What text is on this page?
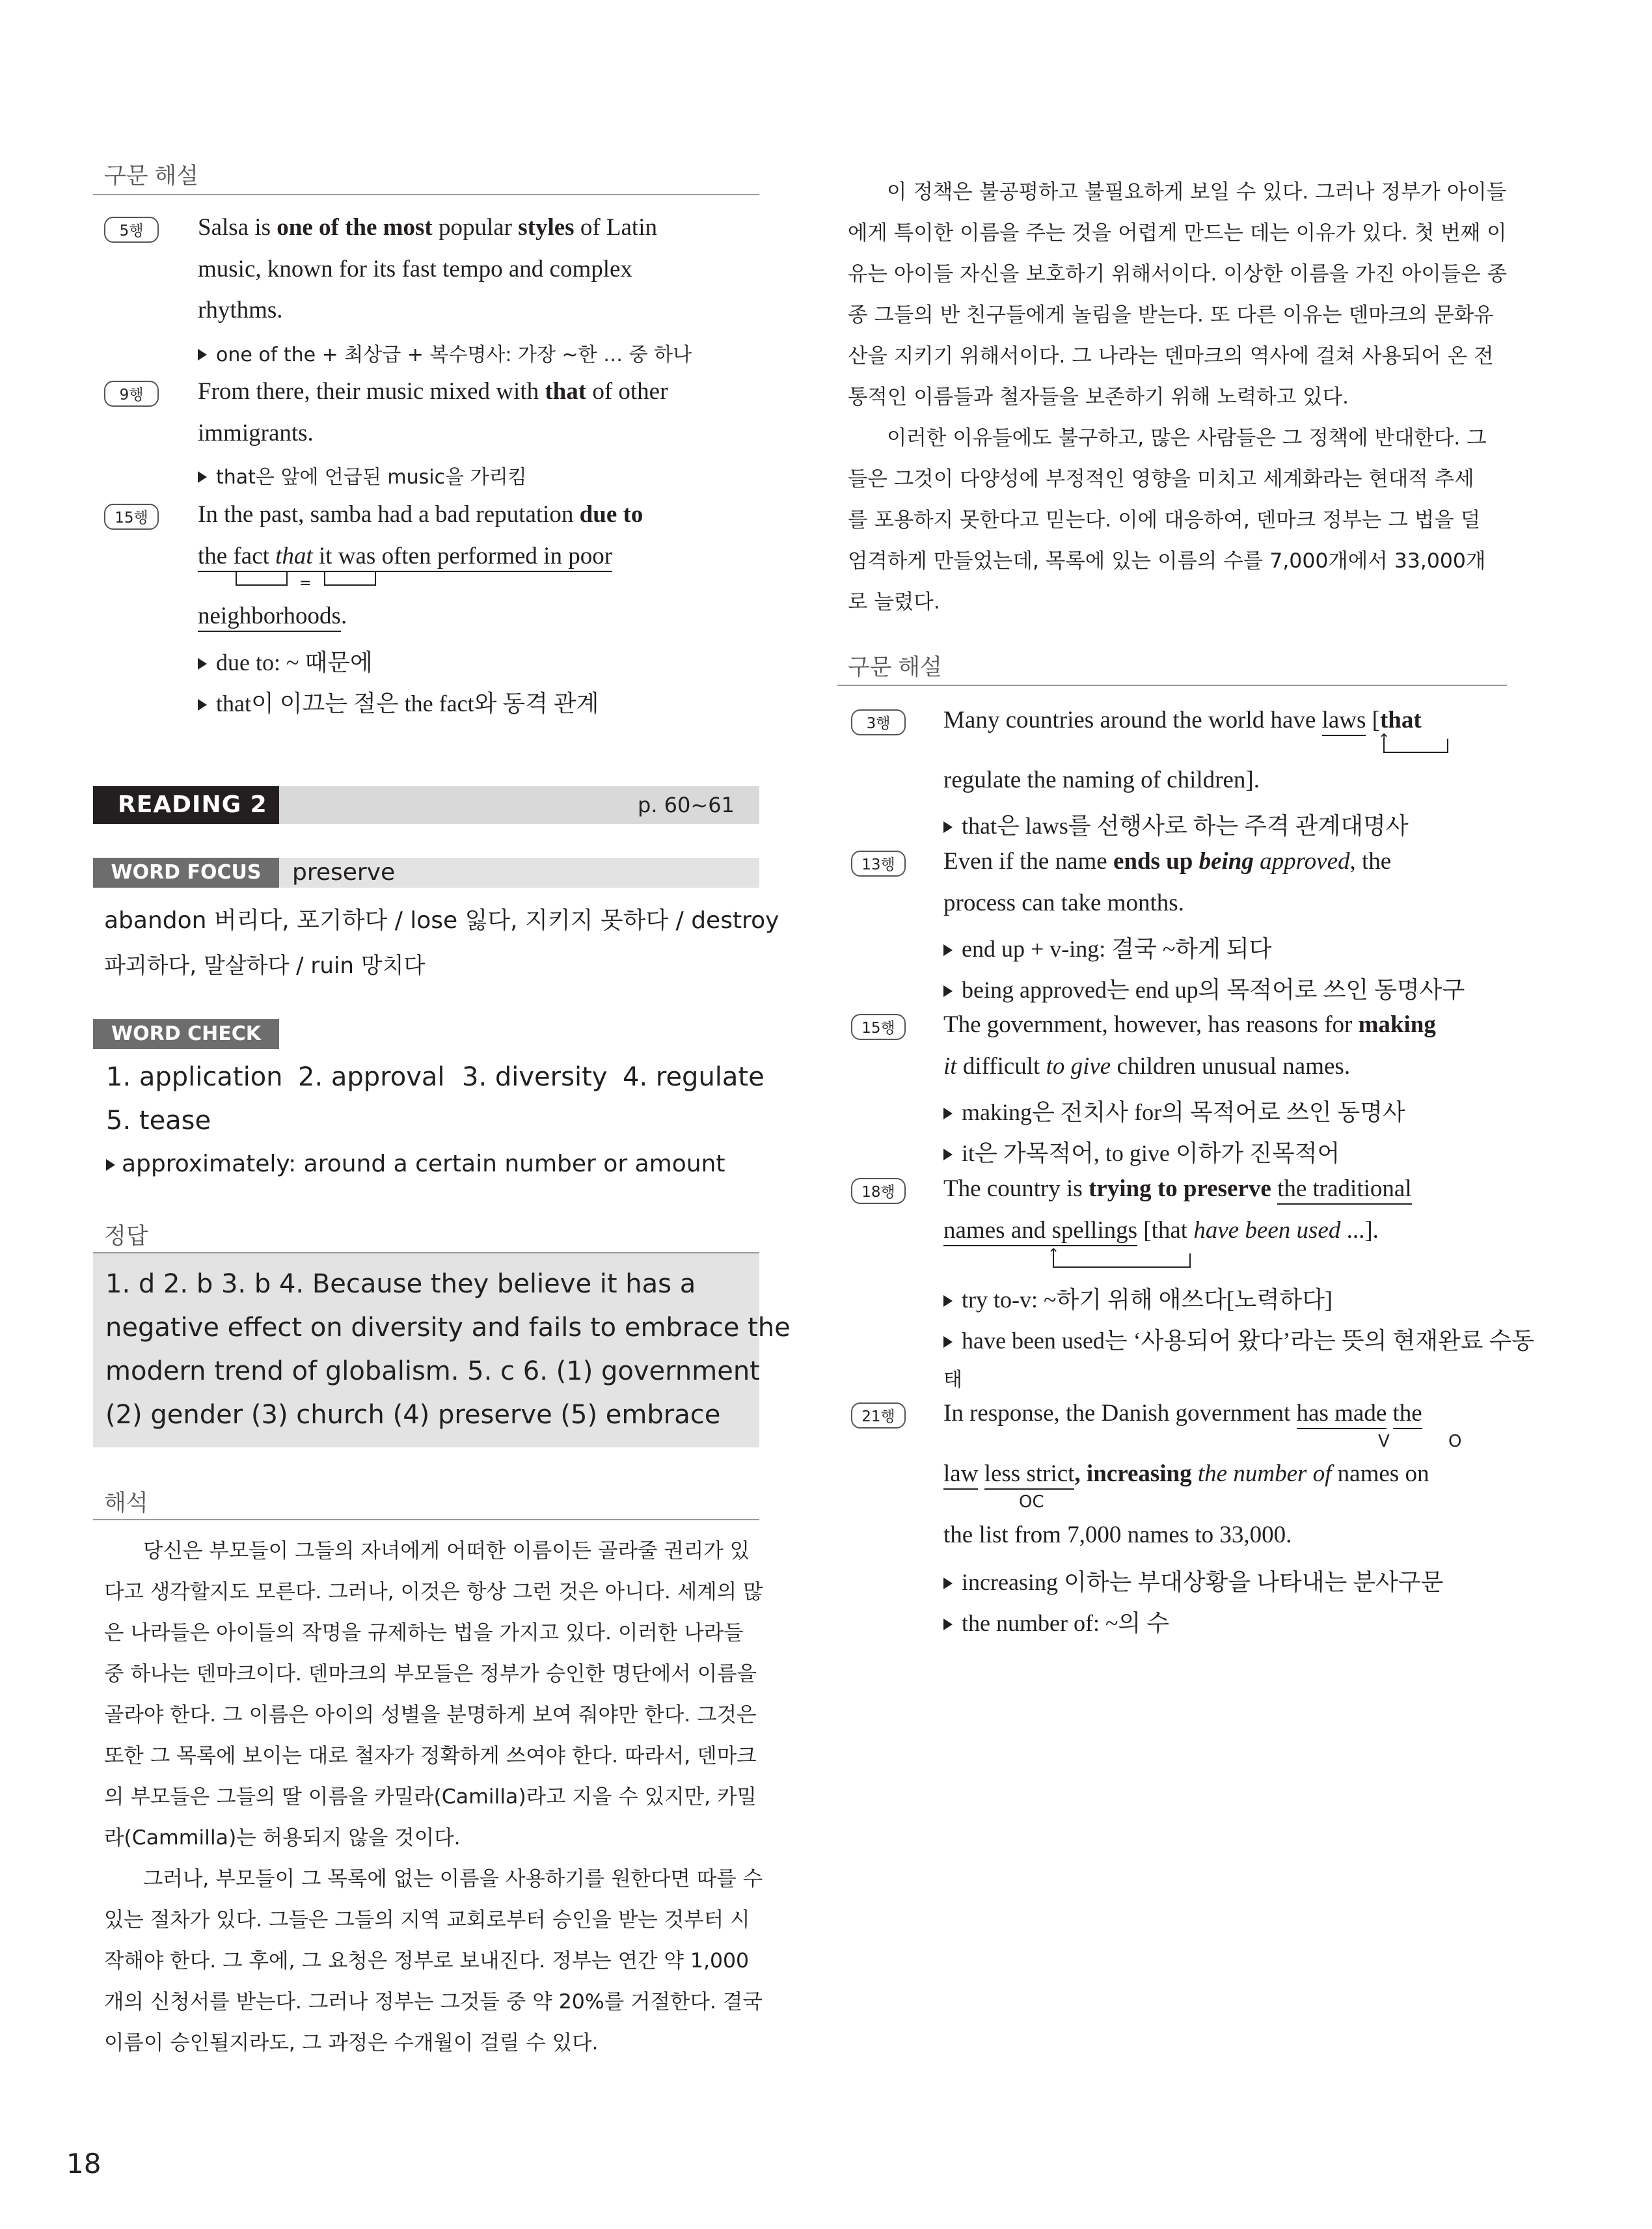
구문 해설
5행	Salsa is one of the most popular styles of Latin
music, known for its fast tempo and complex
rhythms.
one of the + 최상급 + 복수명사: 가장 ~한 … 중 하나
9행	From there, their music mixed with that of other
immigrants.
that은 앞에 언급된 music을 가리킴
15행	In the past, samba had a bad reputation due to
the fact that it was often performed in poor
=
neighborhoods.
due to: ~ 때문에
that이 이끄는 절은 the fact와 동격 관계
READING 2	p. 60~61
WORD FOCUS	preserve
abandon 버리다, 포기하다 / lose 잃다, 지키지 못하다 / destroy
파괴하다, 말살하다 / ruin 망치다
WORD CHECK
1. application 2. approval 3. diversity 4. regulate
5. tease
approximately: around a certain number or amount
정답
1. d 2. b 3. b 4. Because they believe it has a
negative effect on diversity and fails to embrace the
modern trend of globalism. 5. c 6. (1) government
(2) gender (3) church (4) preserve (5) embrace
해석
당신은 부모들이 그들의 자녀에게 어떠한 이름이든 골라줄 권리가 있
다고 생각할지도 모른다. 그러나, 이것은 항상 그런 것은 아니다. 세계의 많
은 나라들은 아이들의 작명을 규제하는 법을 가지고 있다. 이러한 나라들
중 하나는 덴마크이다. 덴마크의 부모들은 정부가 승인한 명단에서 이름을
골라야 한다. 그 이름은 아이의 성별을 분명하게 보여 줘야만 한다. 그것은
또한 그 목록에 보이는 대로 철자가 정확하게 쓰여야 한다. 따라서, 덴마크
의 부모들은 그들의 딸 이름을 카밀라(Camilla)라고 지을 수 있지만, 카밀
라(Cammilla)는 허용되지 않을 것이다.
그러나, 부모들이 그 목록에 없는 이름을 사용하기를 원한다면 따를 수
있는 절차가 있다. 그들은 그들의 지역 교회로부터 승인을 받는 것부터 시
작해야 한다. 그 후에, 그 요청은 정부로 보내진다. 정부는 연간 약 1,000
개의 신청서를 받는다. 그러나 정부는 그것들 중 약 20%를 거절한다. 결국
이름이 승인될지라도, 그 과정은 수개월이 걸릴 수 있다.
18
이 정책은 불공평하고 불필요하게 보일 수 있다. 그러나 정부가 아이들
에게 특이한 이름을 주는 것을 어렵게 만드는 데는 이유가 있다. 첫 번째 이
유는 아이들 자신을 보호하기 위해서이다. 이상한 이름을 가진 아이들은 종
종 그들의 반 친구들에게 놀림을 받는다. 또 다른 이유는 덴마크의 문화유
산을 지키기 위해서이다. 그 나라는 덴마크의 역사에 걸쳐 사용되어 온 전
통적인 이름들과 철자들을 보존하기 위해 노력하고 있다.
이러한 이유들에도 불구하고, 많은 사람들은 그 정책에 반대한다. 그
들은 그것이 다양성에 부정적인 영향을 미치고 세계화라는 현대적 추세
를 포용하지 못한다고 믿는다. 이에 대응하여, 덴마크 정부는 그 법을 덜
엄격하게 만들었는데, 목록에 있는 이름의 수를 7,000개에서 33,000개
로 늘렸다.
구문 해설
3행	Many countries around the world have laws [that
↑
regulate the naming of children].
that은 laws를 선행사로 하는 주격 관계대명사
13행	Even if the name ends up being approved, the
process can take months.
end up + v-ing: 결국 ~하게 되다
being approved는 end up의 목적어로 쓰인 동명사구
15행	The government, however, has reasons for making
it difficult to give children unusual names.
making은 전치사 for의 목적어로 쓰인 동명사
it은 가목적어, to give 이하가 진목적어
18행	The country is trying to preserve the traditional
names and spellings [that have been used ...].
↑
try to-v: ~하기 위해 애쓰다[노력하다]
have been used는 ‘사용되어 왔다’라는 뜻의 현재완료 수동
태
21행	In response, the Danish government has made the
V	O
law less strict, increasing the number of names on
OC
the list from 7,000 names to 33,000.
increasing 이하는 부대상황을 나타내는 분사구문
the number of: ~의 수
